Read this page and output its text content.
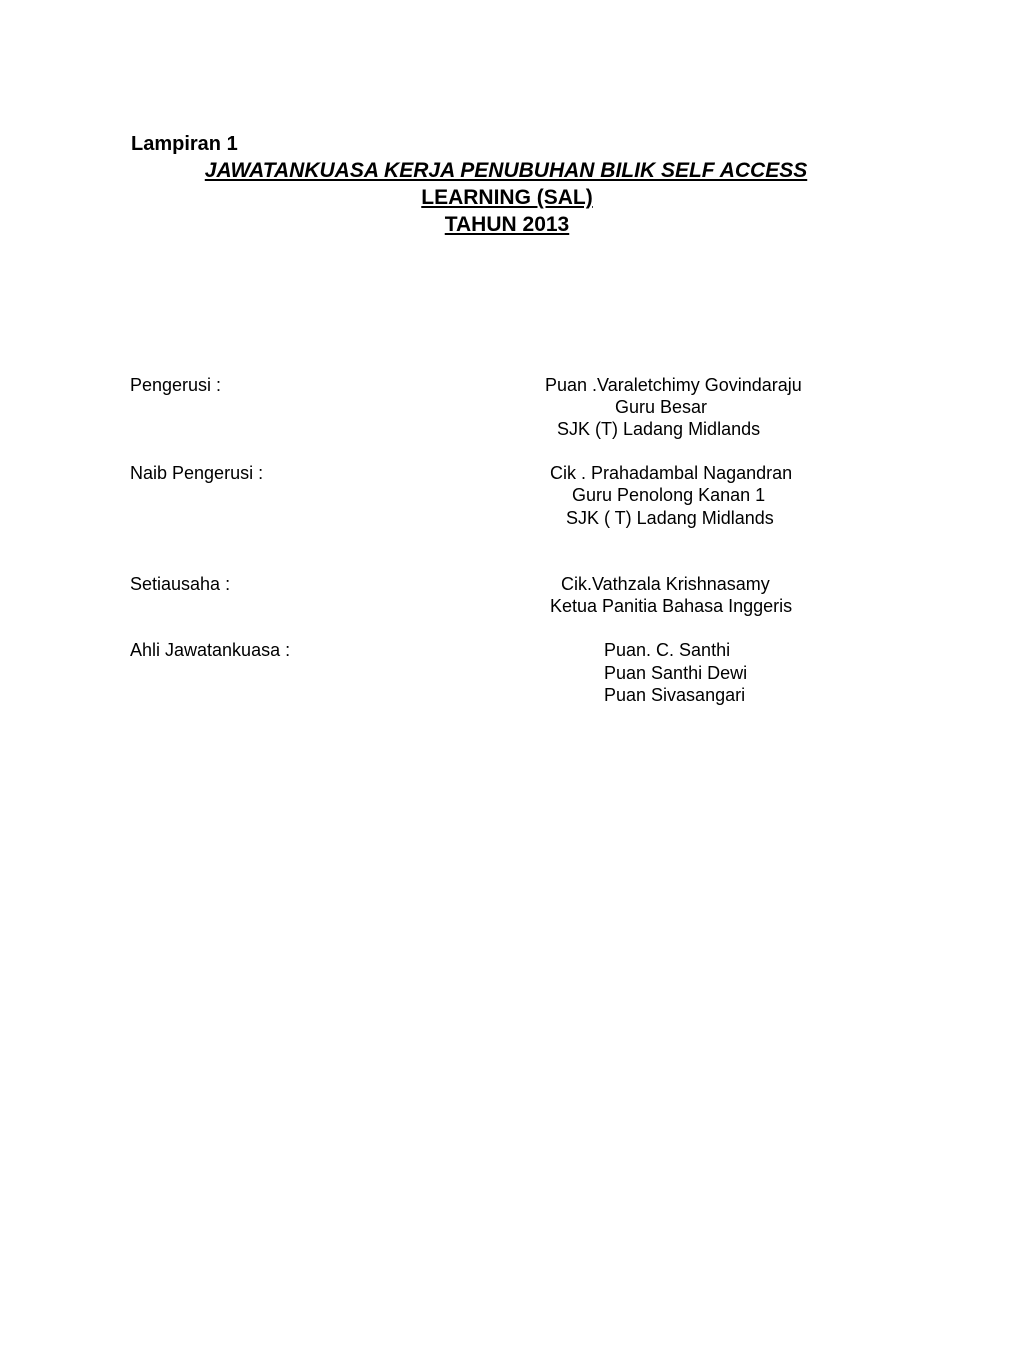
Lampiran 1
JAWATANKUASA KERJA PENUBUHAN BILIK SELF ACCESS
LEARNING (SAL)
TAHUN 2013
Pengerusi :	Puan .Varaletchimy Govindaraju
Guru Besar
SJK (T) Ladang Midlands
Naib Pengerusi :	Cik . Prahadambal Nagandran
Guru Penolong Kanan 1
SJK ( T) Ladang Midlands
Setiausaha :	Cik.Vathzala Krishnasamy
Ketua Panitia Bahasa Inggeris
Ahli Jawatankuasa :	Puan. C. Santhi
Puan Santhi Dewi
Puan Sivasangari
